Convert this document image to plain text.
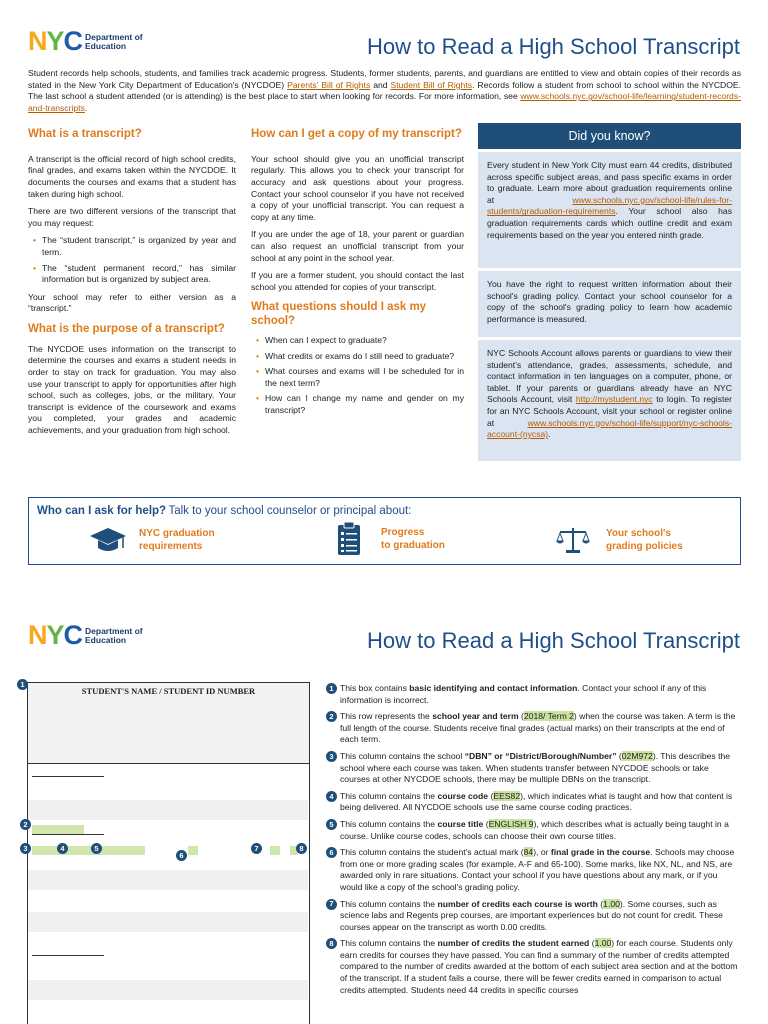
NYC Department of
Education	How to Read a High School Transcript
Student records help schools, students, and families track academic progress. Students, former students, parents, and guardians are entitled to view and obtain copies of their records as stated in the New York City Department of Education's (NYCDOE) Parents' Bill of Rights and Student Bill of Rights. Records follow a student from school to school within the NYCDOE. The last school a student attended (or is attending) is the best place to start when looking for records. For more information, see www.schools.nyc.gov/school-life/learning/student-records-and-transcripts.
What is a transcript?

A transcript is the official record of high school credits, final grades, and exams taken within the NYCDOE. It documents the courses and exams that a student has taken during high school.

There are two different versions of the transcript that you may request:

• The “student transcript,” is organized by year and term.
• The “student permanent record,” has similar information but is organized by subject area.

Your school may refer to either version as a “transcript.”

What is the purpose of a transcript?

The NYCDOE uses information on the transcript to determine the courses and exams a student needs in order to stay on track for graduation. You may also use your transcript to apply for opportunities after high school, such as colleges, jobs, or the military. Your transcript is evidence of the coursework and exams you completed, your grades and academic achievements, and your graduation from high school.

How can I get a copy of my transcript?

Your school should give you an unofficial transcript regularly. This allows you to check your transcript for accuracy and ask questions about your progress. Contact your school counselor if you have not received a copy of your unofficial transcript. You can request a copy at any time.

If you are under the age of 18, your parent or guardian can also request an unofficial transcript from your school at any point in the school year.

If you are a former student, you should contact the last school you attended for copies of your transcript.

What questions should I ask my school?
• When can I expect to graduate?
• What credits or exams do I still need to graduate?
• What courses and exams will I be scheduled for in the next term?
• How can I change my name and gender on my transcript?
Did you know?
Every student in New York City must earn 44 credits, distributed across specific subject areas, and pass specific exams in order to graduate. Learn more about graduation requirements online at	www.schools.nyc.gov/school-life/rules-for-students/graduation-requirements. Your school also has graduation requirements cards which outline credit and exam requirements based on the year you entered ninth grade.
You have the right to request written information about their school's grading policy. Contact your school counselor for a copy of the school's grading policy to learn how academic performance is measured.
NYC Schools Account allows parents or guardians to view their student's attendance, grades, assessments, schedule, and contact information in ten languages on a computer, phone, or tablet. If your parents or guardians already have an NYC Schools Account, visit http://mystudent.nyc to login. To register for an NYC Schools Account, visit your school or register online at	www.schools.nyc.gov/school-life/support/nyc-schools-account-(nycsa).
Who can I ask for help? Talk to your school counselor or principal about:
NYC graduation
requirements
Progress
to graduation
Your school's
grading policies
NYC Department of
Education	How to Read a High School Transcript
STUDENT'S NAME / STUDENT ID NUMBER
1
2
3	4	5
6
7	8
1 This box contains basic identifying and contact information. Contact your school if any of this information is incorrect.
2 This row represents the school year and term (2018/ Term 2) when the course was taken. A term is the full length of the course. Students receive final grades (actual marks) on their transcripts at the end of each term.
3 This column contains the school “DBN” or “District/Borough/Number” (02M972). This describes the school where each course was taken. When students transfer between NYCDOE schools or take courses at other NYCDOE schools, there may be multiple DBNs on the transcript.
4 This column contains the course code (EES82), which indicates what is taught and how that content is being delivered. All NYCDOE schools use the same course coding practices.
5 This column contains the course title (ENGLISH 9), which describes what is actually being taught in a course. Unlike course codes, schools can choose their own course titles.
6 This column contains the student's actual mark (84), or final grade in the course. Schools may choose from one or more grading scales (for example, A-F and 65-100). Some marks, like NX, NL, and NS, are awarded only in rare situations. Contact your school if you have questions about any mark, or if you would like a copy of the school's grading policy.
7 This column contains the number of credits each course is worth (1.00). Some courses, such as science labs and Regents prep courses, are important experiences but do not count for credit. These courses appear on the transcript as worth 0.00 credits.
8 This column contains the number of credits the student earned (1.00) for each course. Students only earn credits for courses they have passed. You can find a summary of the number of credits attempted compared to the number of credits awarded at the bottom of each subject area section and at the bottom of the transcript. If a student fails a course, there will be fewer credits earned in comparison to actual credits attempted. Students need 44 credits in specific courses
